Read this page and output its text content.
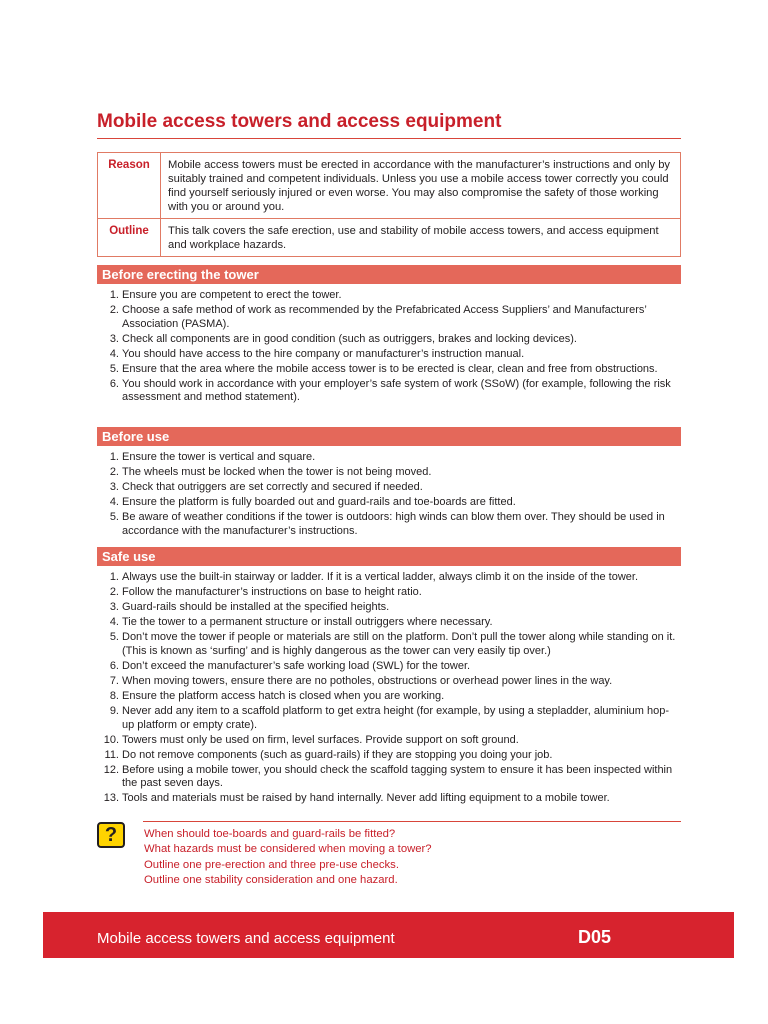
Mobile access towers and access equipment
Reason	Mobile access towers must be erected in accordance with the manufacturer’s instructions and only by suitably trained and competent individuals. Unless you use a mobile access tower correctly you could find yourself seriously injured or even worse. You may also compromise the safety of those working with you or around you.
Outline	This talk covers the safe erection, use and stability of mobile access towers, and access equipment and workplace hazards.
Before erecting the tower
1. Ensure you are competent to erect the tower.
2. Choose a safe method of work as recommended by the Prefabricated Access Suppliers’ and Manufacturers’ Association (PASMA).
3. Check all components are in good condition (such as outriggers, brakes and locking devices).
4. You should have access to the hire company or manufacturer’s instruction manual.
5. Ensure that the area where the mobile access tower is to be erected is clear, clean and free from obstructions.
6. You should work in accordance with your employer’s safe system of work (SSoW) (for example, following the risk assessment and method statement).
Before use
1. Ensure the tower is vertical and square.
2. The wheels must be locked when the tower is not being moved.
3. Check that outriggers are set correctly and secured if needed.
4. Ensure the platform is fully boarded out and guard-rails and toe-boards are fitted.
5. Be aware of weather conditions if the tower is outdoors: high winds can blow them over. They should be used in accordance with the manufacturer’s instructions.
Safe use
1. Always use the built-in stairway or ladder. If it is a vertical ladder, always climb it on the inside of the tower.
2. Follow the manufacturer’s instructions on base to height ratio.
3. Guard-rails should be installed at the specified heights.
4. Tie the tower to a permanent structure or install outriggers where necessary.
5. Don’t move the tower if people or materials are still on the platform. Don’t pull the tower along while standing on it. (This is known as ‘surfing’ and is highly dangerous as the tower can very easily tip over.)
6. Don’t exceed the manufacturer’s safe working load (SWL) for the tower.
7. When moving towers, ensure there are no potholes, obstructions or overhead power lines in the way.
8. Ensure the platform access hatch is closed when you are working.
9. Never add any item to a scaffold platform to get extra height (for example, by using a stepladder, aluminium hop-up platform or empty crate).
10. Towers must only be used on firm, level surfaces. Provide support on soft ground.
11. Do not remove components (such as guard-rails) if they are stopping you doing your job.
12. Before using a mobile tower, you should check the scaffold tagging system to ensure it has been inspected within the past seven days.
13. Tools and materials must be raised by hand internally. Never add lifting equipment to a mobile tower.
?	When should toe-boards and guard-rails be fitted?
What hazards must be considered when moving a tower?
Outline one pre-erection and three pre-use checks.
Outline one stability consideration and one hazard.
Mobile access towers and access equipment	D05
